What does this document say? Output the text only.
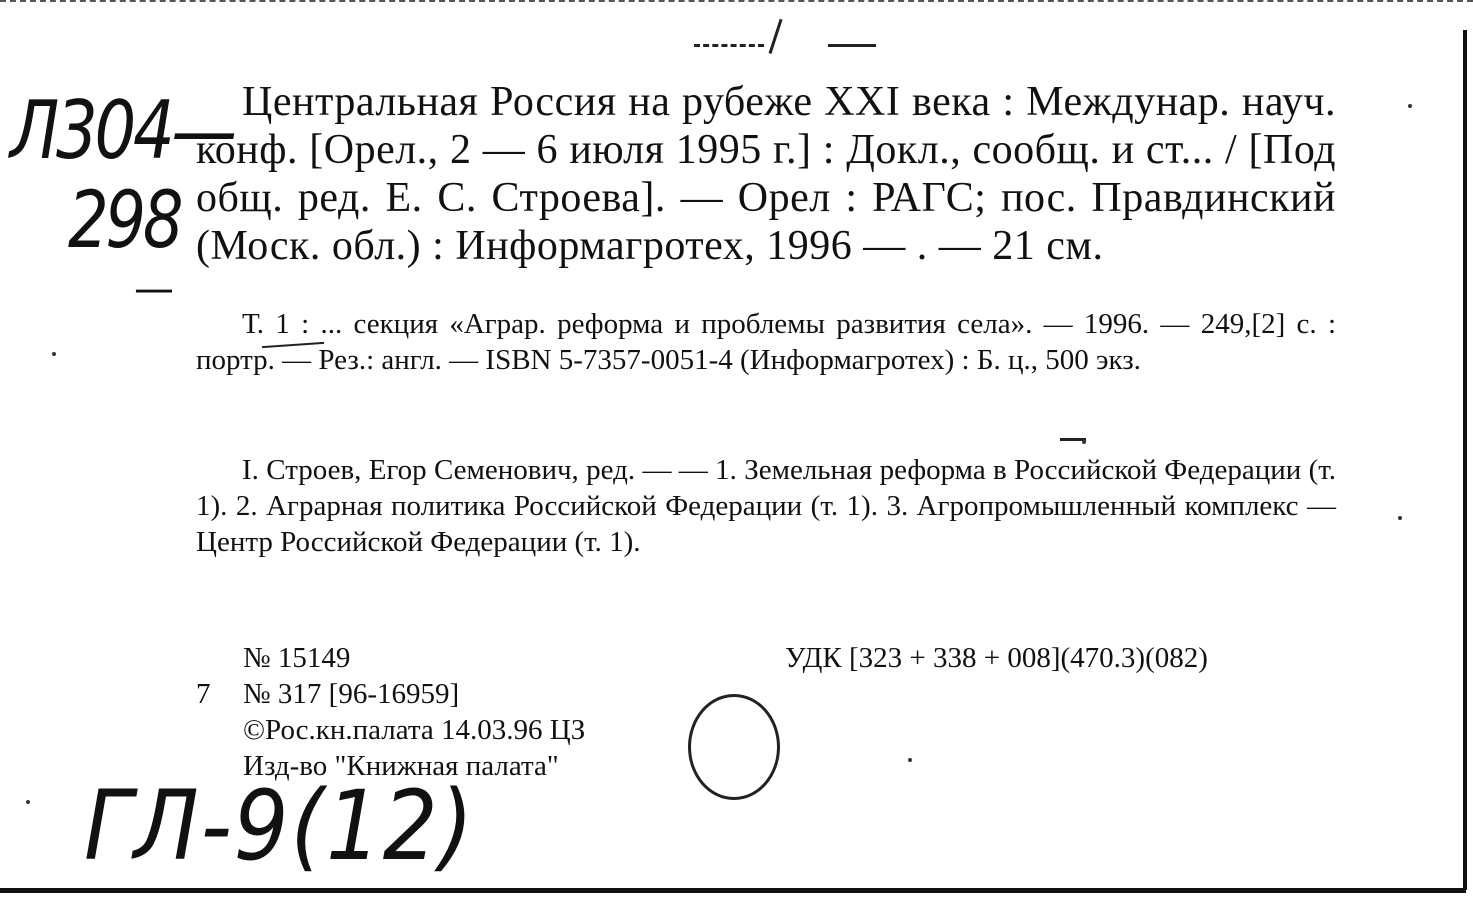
Л304—
298
—
Центральная Россия на рубеже XXI века : Междунар. науч. конф. [Орел., 2 — 6 июля 1995 г.] : Докл., сообщ. и ст... / [Под общ. ред. Е. С. Строева]. — Орел : РАГС; пос. Правдинский (Моск. обл.) : Информагротех, 1996 — . — 21 см.
Т. 1 : ... секция «Аграр. реформа и проблемы развития села». — 1996. — 249,[2] с. : портр. — Рез.: англ. — ISBN 5-7357-0051-4 (Информагротех) : Б. ц., 500 экз.
I. Строев, Егор Семенович, ред. — — 1. Земельная реформа в Российской Федерации (т. 1). 2. Аграрная политика Российской Федерации (т. 1). 3. Агропромышленный комплекс — Центр Российской Федерации (т. 1).
№ 15149	УДК [323 + 338 + 008](470.3)(082)
7 № 317 [96-16959]
©Рос.кн.палата 14.03.96 ЦЗ
Изд-во "Книжная палата"
ГЛ-9(12)
